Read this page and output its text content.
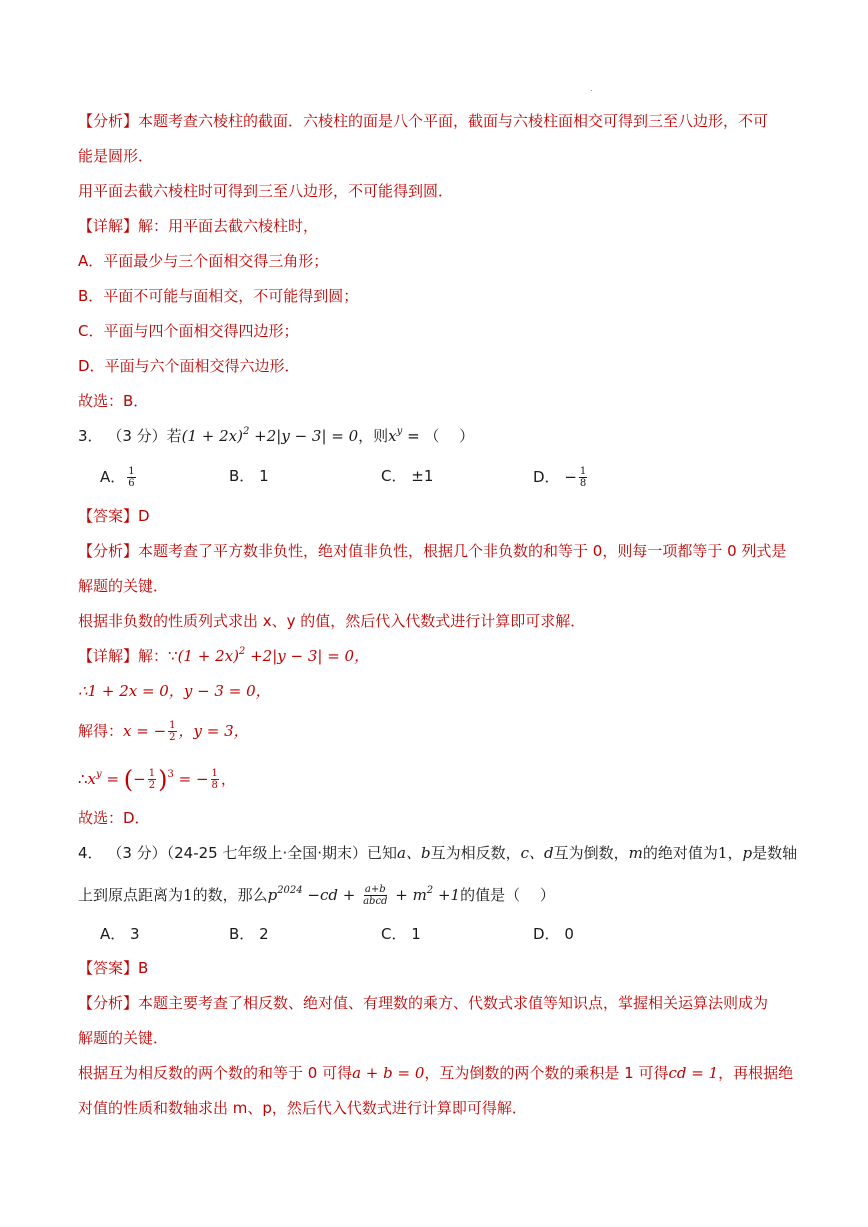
【分析】本题考查六棱柱的截面．六棱柱的面是八个平面，截面与六棱柱面相交可得到三至八边形，不可
能是圆形．
用平面去截六棱柱时可得到三至八边形，不可能得到圆．
【详解】解：用平面去截六棱柱时，
A．平面最少与三个面相交得三角形；
B．平面不可能与面相交，不可能得到圆；
C．平面与四个面相交得四边形；
D．平面与六个面相交得六边形．
故选：B．
3． （3 分）若$(1 + 2x)^2 +2|y - 3| = 0$，则$x^y$ = （　 ）
A． $\frac{1}{6}$	B． 1	C． ±1	D． − $\frac{1}{8}$
【答案】D
【分析】本题考查了平方数非负性，绝对值非负性，根据几个非负数的和等于 0，则每一项都等于 0 列式是
解题的关键．
根据非负数的性质列式求出 x、y 的值，然后代入代数式进行计算即可求解．
【详解】解：∵(1 + 2x)$^2$ +2|y − 3| = 0，
∴1 + 2x = 0，y − 3 = 0，
解得：x = − $\frac{1}{2}$ ，y = 3，
$\therefore x^y$ = (− $\frac{1}{2} )^3$ = − $\frac{1}{8}$ ，
故选：D．
4． （3 分）（24-25 七年级上·全国·期末）已知a、b互为相反数，c、d互为倒数，m的绝对值为1，p是数轴
上到原点距离为1的数，那么$p^{2024} -cd + \frac{a+b}{\text{abcd}} + m^2 +1$的值是（　 ）
A． 3	B． 2	C． 1	D． 0
【答案】B
【分析】本题主要考查了相反数、绝对值、有理数的乘方、代数式求值等知识点，掌握相关运算法则成为
解题的关键．
根据互为相反数的两个数的和等于 0 可得a + b = 0，互为倒数的两个数的乘积是 1 可得cd = 1，再根据绝
对值的性质和数轴求出 m、p，然后代入代数式进行计算即可得解．
